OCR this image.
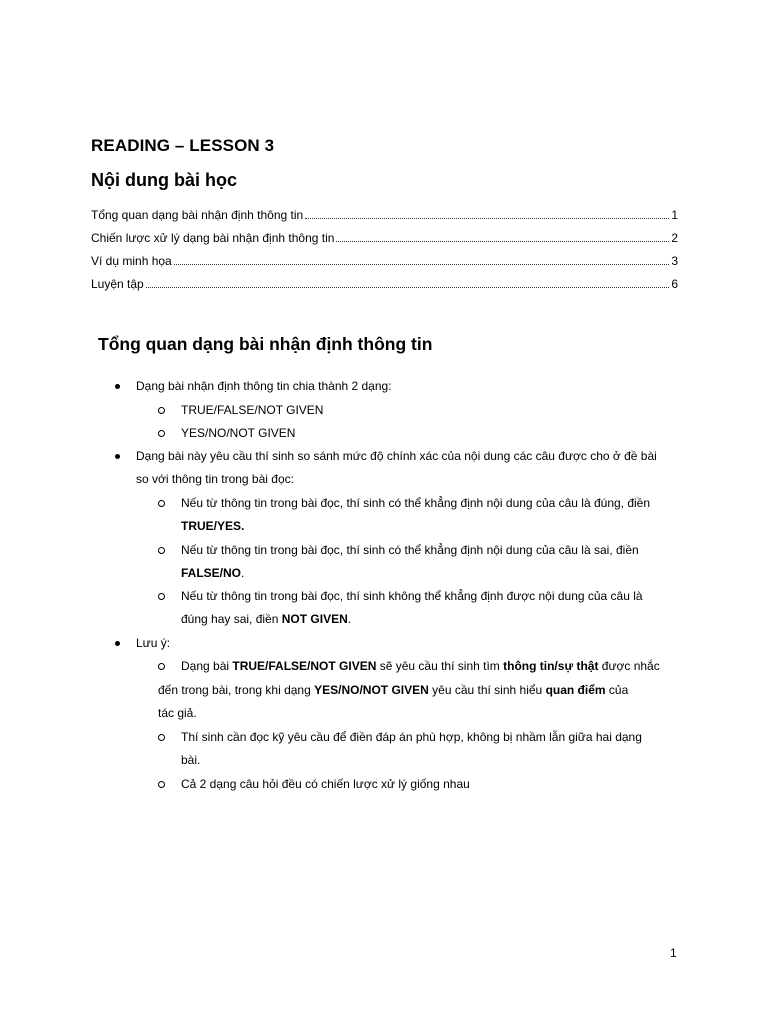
READING – LESSON 3
Nội dung bài học
Tổng quan dạng bài nhận định thông tin	1
Chiến lược xử lý dạng bài nhận định thông tin	2
Ví dụ minh họa	3
Luyện tập	6
Tổng quan dạng bài nhận định thông tin
Dạng bài nhận định thông tin chia thành 2 dạng:
TRUE/FALSE/NOT GIVEN
YES/NO/NOT GIVEN
Dạng bài này yêu cầu thí sinh so sánh mức độ chính xác của nội dung các câu được cho ở đề bài
so với thông tin trong bài đọc:
Nếu từ thông tin trong bài đọc, thí sinh có thể khẳng định nội dung của câu là đúng, điền
TRUE/YES.
Nếu từ thông tin trong bài đọc, thí sinh có thể khẳng định nội dung của câu là sai, điền
FALSE/NO.
Nếu từ thông tin trong bài đọc, thí sinh không thể khẳng định được nội dung của câu là
đúng hay sai, điền NOT GIVEN.
Lưu ý:
Dạng bài TRUE/FALSE/NOT GIVEN sẽ yêu cầu thí sinh tìm thông tin/sự thật được nhắc
đến trong bài, trong khi dạng YES/NO/NOT GIVEN yêu cầu thí sinh hiểu quan điểm của
tác giả.
Thí sinh cần đọc kỹ yêu cầu để điền đáp án phù hợp, không bị nhầm lẫn giữa hai dạng
bài.
Cả 2 dạng câu hỏi đều có chiến lược xử lý giống nhau
1
